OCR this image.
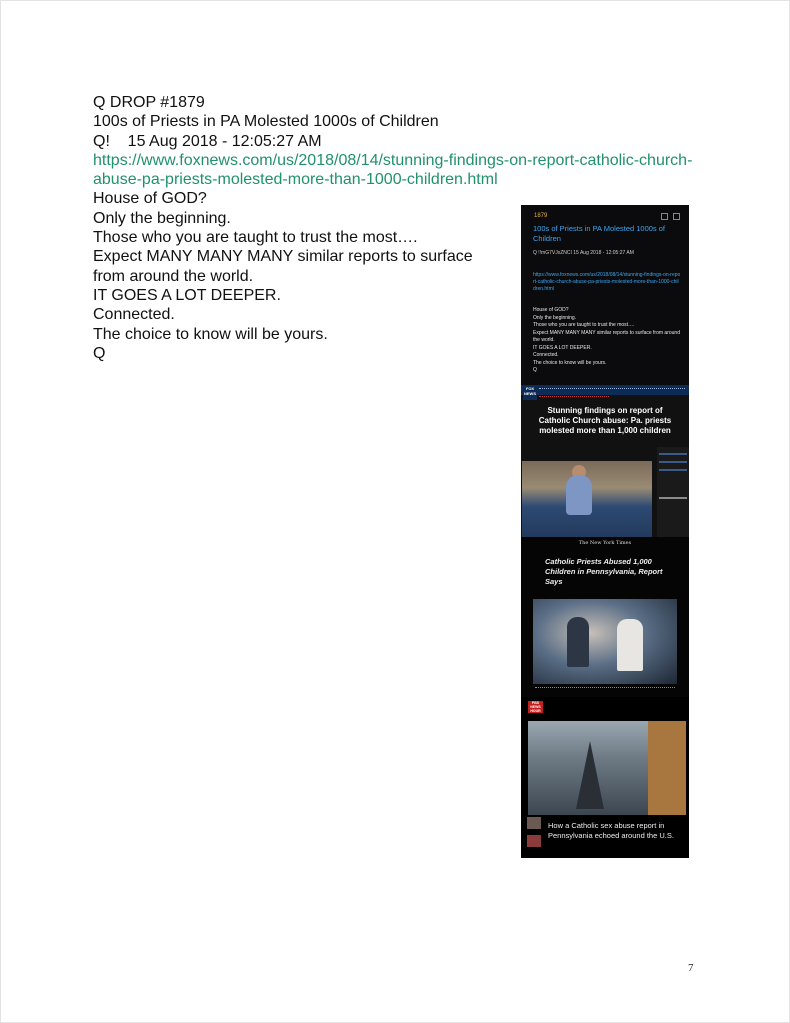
Q DROP #1879
100s of Priests in PA Molested 1000s of Children
Q!    15 Aug 2018 - 12:05:27 AM
https://www.foxnews.com/us/2018/08/14/stunning-findings-on-report-catholic-church-abuse-pa-priests-molested-more-than-1000-children.html
House of GOD?
Only the beginning.
Those who you are taught to trust the most….
Expect MANY MANY MANY similar reports to surface from around the world.
IT GOES A LOT DEEPER.
Connected.
The choice to know will be yours.
Q
1879
100s of Priests in PA Molested 1000s of Children
Q !!mG7VJxZNCI 15 Aug 2018 - 12:05:27 AM
https://www.foxnews.com/us/2018/08/14/stunning-findings-on-report-catholic-church-abuse-pa-priests-molested-more-than-1000-children.html
House of GOD?
Only the beginning.
Those who you are taught to trust the most….
Expect MANY MANY MANY similar reports to surface from around the world.
IT GOES A LOT DEEPER.
Connected.
The choice to know will be yours.
Q
FOX NEWS
Stunning findings on report of Catholic Church abuse: Pa. priests molested more than 1,000 children
The New York Times
Catholic Priests Abused 1,000 Children in Pennsylvania, Report Says
PBS NEWS HOUR
How a Catholic sex abuse report in Pennsylvania echoed around the U.S.
7
